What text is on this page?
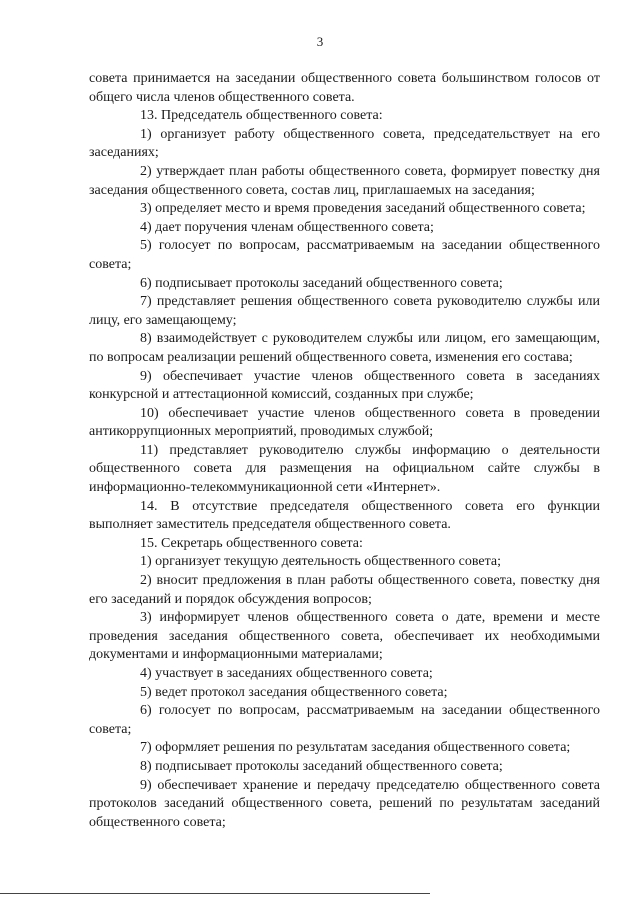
3

совета принимается на заседании общественного совета большинством голосов от общего числа членов общественного совета.

13. Председатель общественного совета:

1) организует работу общественного совета, председательствует на его заседаниях;

2) утверждает план работы общественного совета, формирует повестку дня заседания общественного совета, состав лиц, приглашаемых на заседания;

3) определяет место и время проведения заседаний общественного совета;

4) дает поручения членам общественного совета;

5) голосует по вопросам, рассматриваемым на заседании общественного совета;

6) подписывает протоколы заседаний общественного совета;

7) представляет решения общественного совета руководителю службы или лицу, его замещающему;

8) взаимодействует с руководителем службы или лицом, его замещающим, по вопросам реализации решений общественного совета, изменения его состава;

9) обеспечивает участие членов общественного совета в заседаниях конкурсной и аттестационной комиссий, созданных при службе;

10) обеспечивает участие членов общественного совета в проведении антикоррупционных мероприятий, проводимых службой;

11) представляет руководителю службы информацию о деятельности общественного совета для размещения на официальном сайте службы в информационно-телекоммуникационной сети «Интернет».

14. В отсутствие председателя общественного совета его функции выполняет заместитель председателя общественного совета.

15. Секретарь общественного совета:

1) организует текущую деятельность общественного совета;

2) вносит предложения в план работы общественного совета, повестку дня его заседаний и порядок обсуждения вопросов;

3) информирует членов общественного совета о дате, времени и месте проведения заседания общественного совета, обеспечивает их необходимыми документами и информационными материалами;

4) участвует в заседаниях общественного совета;

5) ведет протокол заседания общественного совета;

6) голосует по вопросам, рассматриваемым на заседании общественного совета;

7) оформляет решения по результатам заседания общественного совета;

8) подписывает протоколы заседаний общественного совета;

9) обеспечивает хранение и передачу председателю общественного совета протоколов заседаний общественного совета, решений по результатам заседаний общественного совета;
